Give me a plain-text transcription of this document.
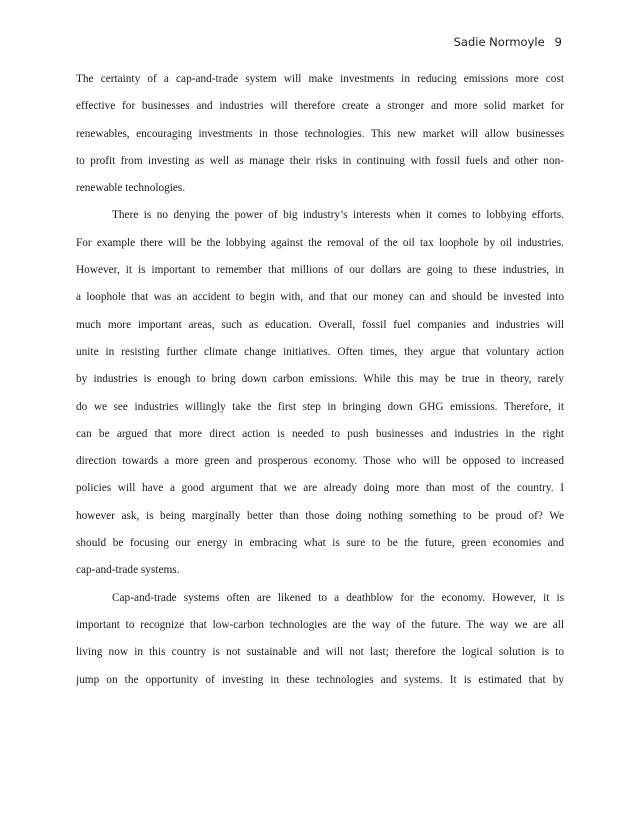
Sadie Normoyle 9
The certainty of a cap-and-trade system will make investments in reducing emissions more cost
effective for businesses and industries will therefore create a stronger and more solid market for
renewables, encouraging investments in those technologies. This new market will allow businesses
to profit from investing as well as manage their risks in continuing with fossil fuels and other non-
renewable technologies.
There is no denying the power of big industry’s interests when it comes to lobbying efforts.
For example there will be the lobbying against the removal of the oil tax loophole by oil industries.
However, it is important to remember that millions of our dollars are going to these industries, in
a loophole that was an accident to begin with, and that our money can and should be invested into
much more important areas, such as education. Overall, fossil fuel companies and industries will
unite in resisting further climate change initiatives. Often times, they argue that voluntary action
by industries is enough to bring down carbon emissions. While this may be true in theory, rarely
do we see industries willingly take the first step in bringing down GHG emissions. Therefore, it
can be argued that more direct action is needed to push businesses and industries in the right
direction towards a more green and prosperous economy. Those who will be opposed to increased
policies will have a good argument that we are already doing more than most of the country. I
however ask, is being marginally better than those doing nothing something to be proud of? We
should be focusing our energy in embracing what is sure to be the future, green economies and
cap-and-trade systems.
Cap-and-trade systems often are likened to a deathblow for the economy. However, it is
important to recognize that low-carbon technologies are the way of the future. The way we are all
living now in this country is not sustainable and will not last; therefore the logical solution is to
jump on the opportunity of investing in these technologies and systems. It is estimated that by
